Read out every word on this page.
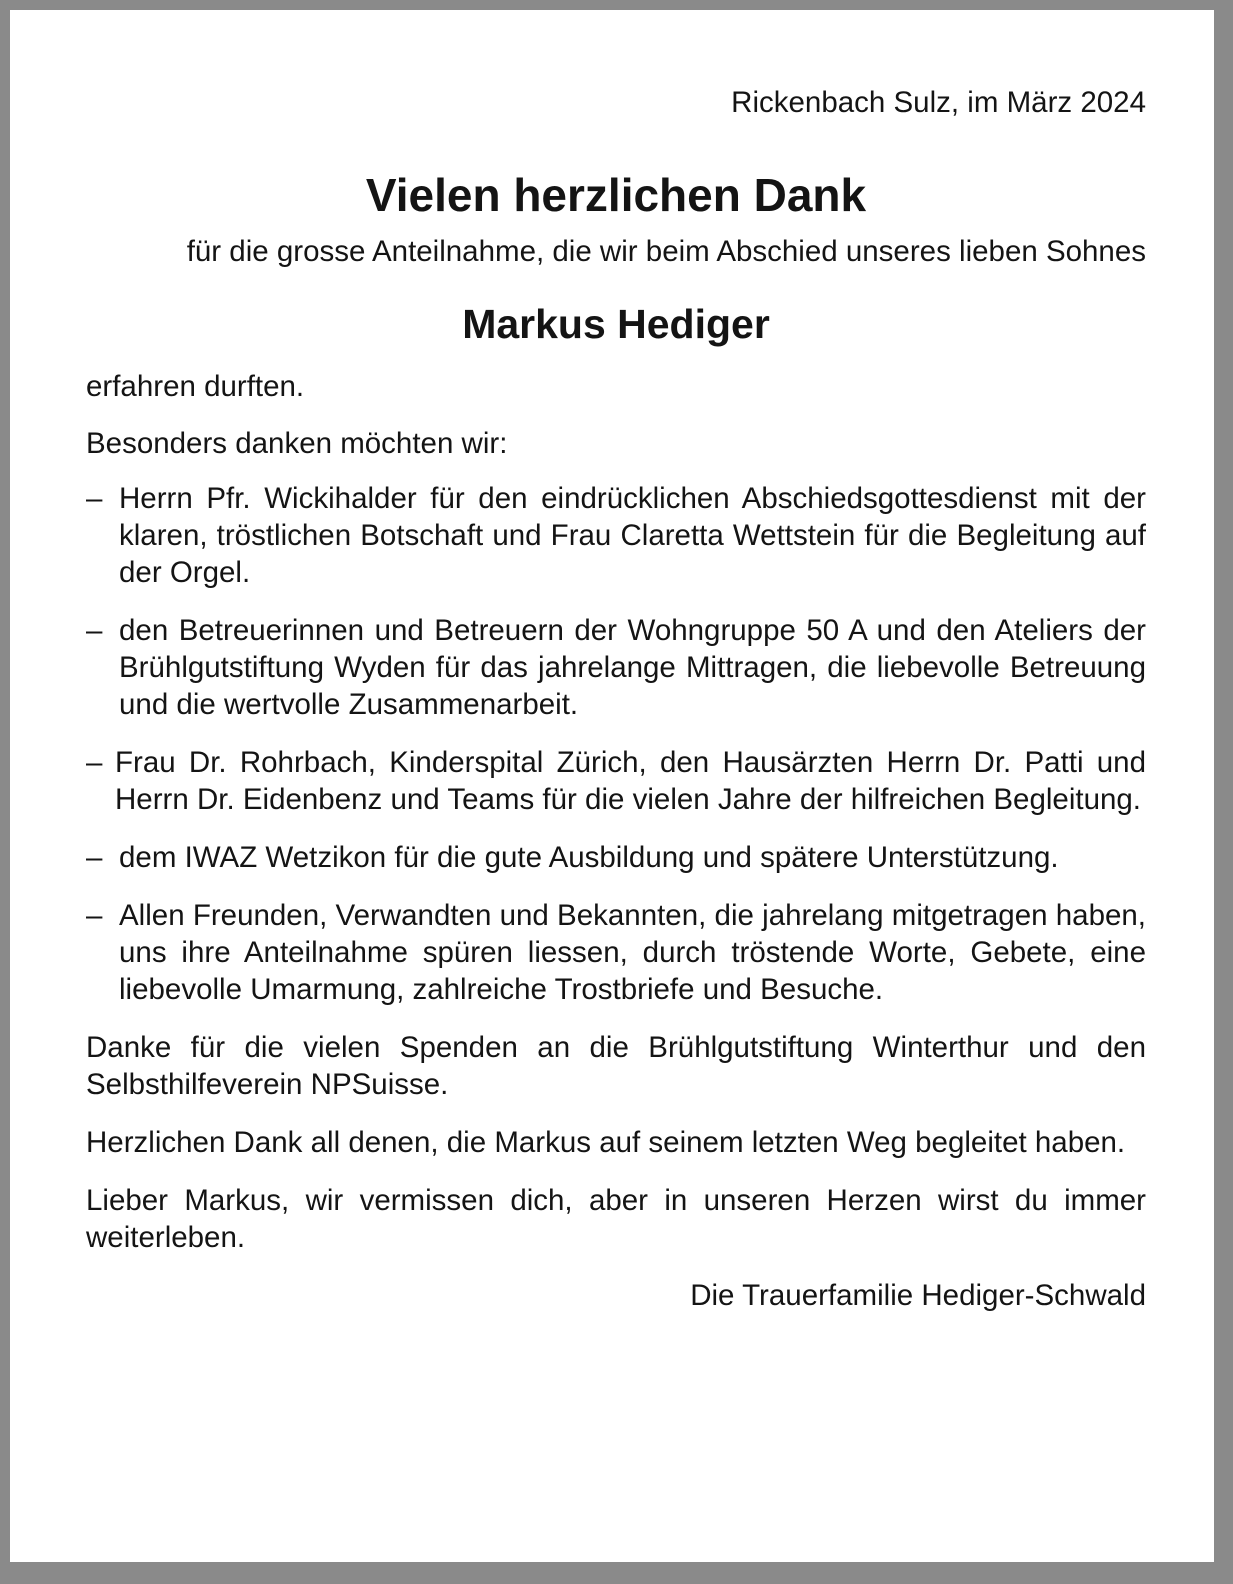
Rickenbach Sulz, im März 2024

Vielen herzlichen Dank

für die grosse Anteilnahme, die wir beim Abschied unseres lieben Sohnes

Markus Hediger

erfahren durften.

Besonders danken möchten wir:

– Herrn Pfr. Wickihalder für den eindrücklichen Abschiedsgottesdienst mit der klaren, tröstlichen Botschaft und Frau Claretta Wettstein für die Begleitung auf der Orgel.
– den Betreuerinnen und Betreuern der Wohngruppe 50 A und den Ateliers der Brühlgutstiftung Wyden für das jahrelange Mittragen, die liebevolle Betreuung und die wertvolle Zusammenarbeit.
– Frau Dr. Rohrbach, Kinderspital Zürich, den Hausärzten Herrn Dr. Patti und Herrn Dr. Eidenbenz und Teams für die vielen Jahre der hilfreichen Begleitung.
– dem IWAZ Wetzikon für die gute Ausbildung und spätere Unterstützung.
– Allen Freunden, Verwandten und Bekannten, die jahrelang mitgetragen haben, uns ihre Anteilnahme spüren liessen, durch tröstende Worte, Gebete, eine liebevolle Umarmung, zahlreiche Trostbriefe und Besuche.

Danke für die vielen Spenden an die Brühlgutstiftung Winterthur und den Selbsthilfeverein NPSuisse.

Herzlichen Dank all denen, die Markus auf seinem letzten Weg begleitet haben.

Lieber Markus, wir vermissen dich, aber in unseren Herzen wirst du immer weiterleben.

Die Trauerfamilie Hediger-Schwald
